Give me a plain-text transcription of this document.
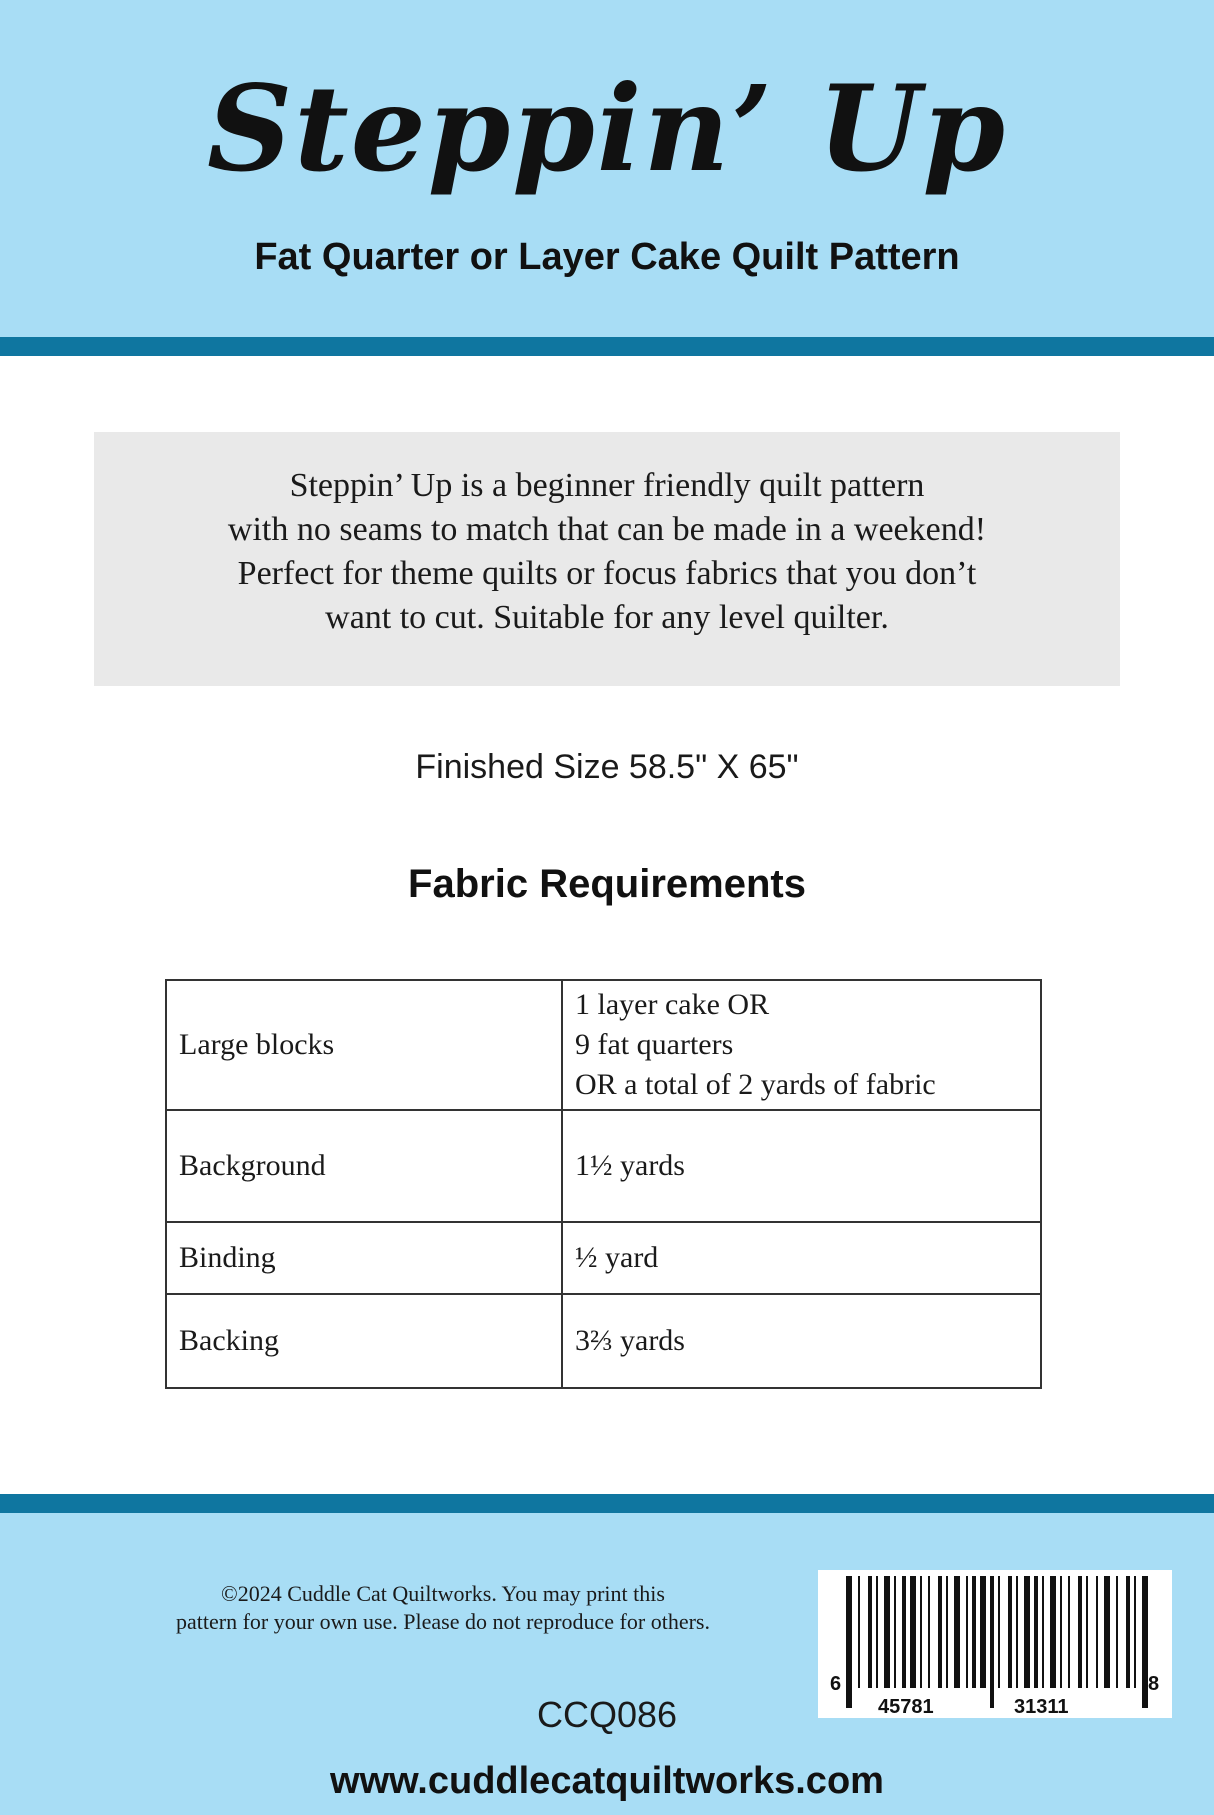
Steppin’ Up
Fat Quarter or Layer Cake Quilt Pattern
Steppin’ Up is a beginner friendly quilt pattern
with no seams to match that can be made in a weekend!
Perfect for theme quilts or focus fabrics that you don’t
want to cut. Suitable for any level quilter.
Finished Size 58.5" X 65"
Fabric Requirements
Large blocks	1 layer cake OR
9 fat quarters
OR a total of 2 yards of fabric
Background	1½ yards
Binding	½ yard
Backing	3⅔ yards
©2024 Cuddle Cat Quiltworks. You may print this
pattern for your own use. Please do not reproduce for others.
6
45781	31311
8
CCQ086
www.cuddlecatquiltworks.com
